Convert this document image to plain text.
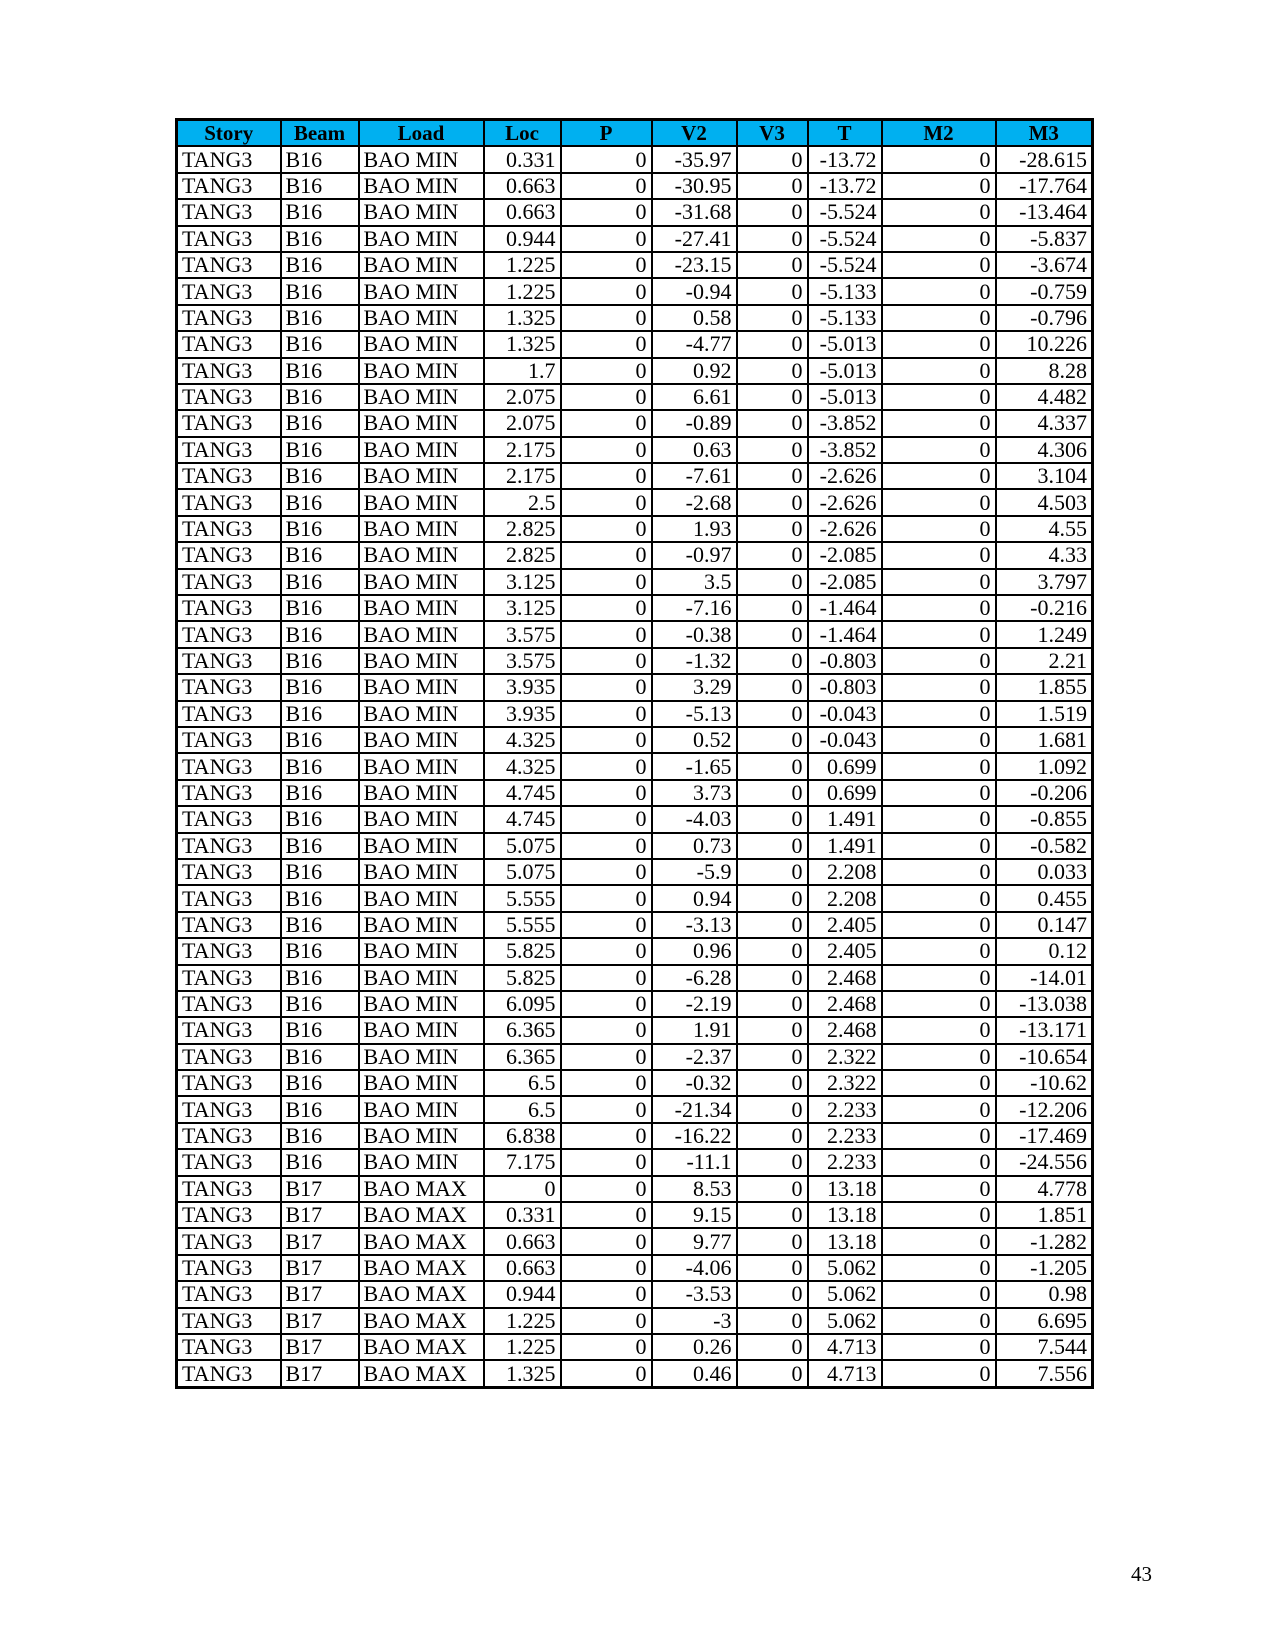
Story	Beam	Load	Loc	P	V2	V3	T	M2	M3
TANG3	B16	BAO MIN	0.331	0	-35.97	0	-13.72	0	-28.615
TANG3	B16	BAO MIN	0.663	0	-30.95	0	-13.72	0	-17.764
TANG3	B16	BAO MIN	0.663	0	-31.68	0	-5.524	0	-13.464
TANG3	B16	BAO MIN	0.944	0	-27.41	0	-5.524	0	-5.837
TANG3	B16	BAO MIN	1.225	0	-23.15	0	-5.524	0	-3.674
TANG3	B16	BAO MIN	1.225	0	-0.94	0	-5.133	0	-0.759
TANG3	B16	BAO MIN	1.325	0	0.58	0	-5.133	0	-0.796
TANG3	B16	BAO MIN	1.325	0	-4.77	0	-5.013	0	10.226
TANG3	B16	BAO MIN	1.7	0	0.92	0	-5.013	0	8.28
TANG3	B16	BAO MIN	2.075	0	6.61	0	-5.013	0	4.482
TANG3	B16	BAO MIN	2.075	0	-0.89	0	-3.852	0	4.337
TANG3	B16	BAO MIN	2.175	0	0.63	0	-3.852	0	4.306
TANG3	B16	BAO MIN	2.175	0	-7.61	0	-2.626	0	3.104
TANG3	B16	BAO MIN	2.5	0	-2.68	0	-2.626	0	4.503
TANG3	B16	BAO MIN	2.825	0	1.93	0	-2.626	0	4.55
TANG3	B16	BAO MIN	2.825	0	-0.97	0	-2.085	0	4.33
TANG3	B16	BAO MIN	3.125	0	3.5	0	-2.085	0	3.797
TANG3	B16	BAO MIN	3.125	0	-7.16	0	-1.464	0	-0.216
TANG3	B16	BAO MIN	3.575	0	-0.38	0	-1.464	0	1.249
TANG3	B16	BAO MIN	3.575	0	-1.32	0	-0.803	0	2.21
TANG3	B16	BAO MIN	3.935	0	3.29	0	-0.803	0	1.855
TANG3	B16	BAO MIN	3.935	0	-5.13	0	-0.043	0	1.519
TANG3	B16	BAO MIN	4.325	0	0.52	0	-0.043	0	1.681
TANG3	B16	BAO MIN	4.325	0	-1.65	0	0.699	0	1.092
TANG3	B16	BAO MIN	4.745	0	3.73	0	0.699	0	-0.206
TANG3	B16	BAO MIN	4.745	0	-4.03	0	1.491	0	-0.855
TANG3	B16	BAO MIN	5.075	0	0.73	0	1.491	0	-0.582
TANG3	B16	BAO MIN	5.075	0	-5.9	0	2.208	0	0.033
TANG3	B16	BAO MIN	5.555	0	0.94	0	2.208	0	0.455
TANG3	B16	BAO MIN	5.555	0	-3.13	0	2.405	0	0.147
TANG3	B16	BAO MIN	5.825	0	0.96	0	2.405	0	0.12
TANG3	B16	BAO MIN	5.825	0	-6.28	0	2.468	0	-14.01
TANG3	B16	BAO MIN	6.095	0	-2.19	0	2.468	0	-13.038
TANG3	B16	BAO MIN	6.365	0	1.91	0	2.468	0	-13.171
TANG3	B16	BAO MIN	6.365	0	-2.37	0	2.322	0	-10.654
TANG3	B16	BAO MIN	6.5	0	-0.32	0	2.322	0	-10.62
TANG3	B16	BAO MIN	6.5	0	-21.34	0	2.233	0	-12.206
TANG3	B16	BAO MIN	6.838	0	-16.22	0	2.233	0	-17.469
TANG3	B16	BAO MIN	7.175	0	-11.1	0	2.233	0	-24.556
TANG3	B17	BAO MAX	0	0	8.53	0	13.18	0	4.778
TANG3	B17	BAO MAX	0.331	0	9.15	0	13.18	0	1.851
TANG3	B17	BAO MAX	0.663	0	9.77	0	13.18	0	-1.282
TANG3	B17	BAO MAX	0.663	0	-4.06	0	5.062	0	-1.205
TANG3	B17	BAO MAX	0.944	0	-3.53	0	5.062	0	0.98
TANG3	B17	BAO MAX	1.225	0	-3	0	5.062	0	6.695
TANG3	B17	BAO MAX	1.225	0	0.26	0	4.713	0	7.544
TANG3	B17	BAO MAX	1.325	0	0.46	0	4.713	0	7.556
43
